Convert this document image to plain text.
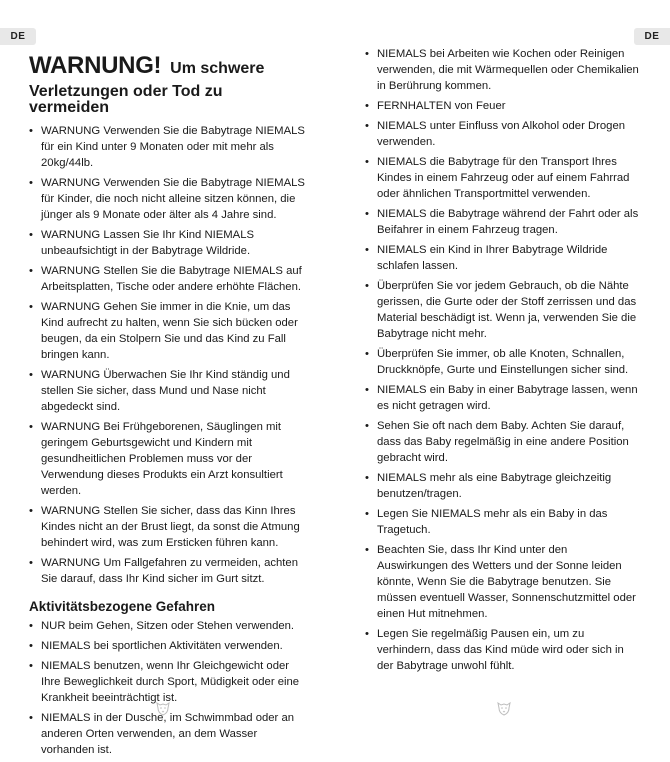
DE	DE
WARNUNG! Um schwere
Verletzungen oder Tod zu vermeiden
• WARNUNG Verwenden Sie die Babytrage NIEMALS für ein Kind unter 9 Monaten oder mit mehr als 20kg/44lb.
• WARNUNG Verwenden Sie die Babytrage NIEMALS für Kinder, die noch nicht alleine sitzen können, die jünger als 9 Monate oder älter als 4 Jahre sind.
• WARNUNG Lassen Sie Ihr Kind NIEMALS unbeaufsichtigt in der Babytrage Wildride.
• WARNUNG Stellen Sie die Babytrage NIEMALS auf Arbeitsplatten, Tische oder andere erhöhte Flächen.
• WARNUNG Gehen Sie immer in die Knie, um das Kind aufrecht zu halten, wenn Sie sich bücken oder beugen, da ein Stolpern Sie und das Kind zu Fall bringen kann.
• WARNUNG Überwachen Sie Ihr Kind ständig und stellen Sie sicher, dass Mund und Nase nicht abgedeckt sind.
• WARNUNG Bei Frühgeborenen, Säuglingen mit geringem Geburtsgewicht und Kindern mit gesundheitlichen Problemen muss vor der Verwendung dieses Produkts ein Arzt konsultiert werden.
• WARNUNG Stellen Sie sicher, dass das Kinn Ihres Kindes nicht an der Brust liegt, da sonst die Atmung behindert wird, was zum Ersticken führen kann.
• WARNUNG Um Fallgefahren zu vermeiden, achten Sie darauf, dass Ihr Kind sicher im Gurt sitzt.
Aktivitätsbezogene Gefahren
• NUR beim Gehen, Sitzen oder Stehen verwenden.
• NIEMALS bei sportlichen Aktivitäten verwenden.
• NIEMALS benutzen, wenn Ihr Gleichgewicht oder Ihre Beweglichkeit durch Sport, Müdigkeit oder eine Krankheit beeinträchtigt ist.
• NIEMALS in der Dusche, im Schwimmbad oder an anderen Orten verwenden, an dem Wasser vorhanden ist.
• NIEMALS bei Arbeiten wie Kochen oder Reinigen verwenden, die mit Wärmequellen oder Chemikalien in Berührung kommen.
• FERNHALTEN von Feuer
• NIEMALS unter Einfluss von Alkohol oder Drogen verwenden.
• NIEMALS die Babytrage für den Transport Ihres Kindes in einem Fahrzeug oder auf einem Fahrrad oder ähnlichen Transportmittel verwenden.
• NIEMALS die Babytrage während der Fahrt oder als Beifahrer in einem Fahrzeug tragen.
• NIEMALS ein Kind in Ihrer Babytrage Wildride schlafen lassen.
• Überprüfen Sie vor jedem Gebrauch, ob die Nähte gerissen, die Gurte oder der Stoff zerrissen und das Material beschädigt ist. Wenn ja, verwenden Sie die Babytrage nicht mehr.
• Überprüfen Sie immer, ob alle Knoten, Schnallen, Druckknöpfe, Gurte und Einstellungen sicher sind.
• NIEMALS ein Baby in einer Babytrage lassen, wenn es nicht getragen wird.
• Sehen Sie oft nach dem Baby. Achten Sie darauf, dass das Baby regelmäßig in eine andere Position gebracht wird.
• NIEMALS mehr als eine Babytrage gleichzeitig benutzen/tragen.
• Legen Sie NIEMALS mehr als ein Baby in das Tragetuch.
• Beachten Sie, dass Ihr Kind unter den Auswirkungen des Wetters und der Sonne leiden könnte, Wenn Sie die Babytrage benutzen. Sie müssen eventuell Wasser, Sonnenschutzmittel oder einen Hut mitnehmen.
• Legen Sie regelmäßig Pausen ein, um zu verhindern, dass das Kind müde wird oder sich in der Babytrage unwohl fühlt.
